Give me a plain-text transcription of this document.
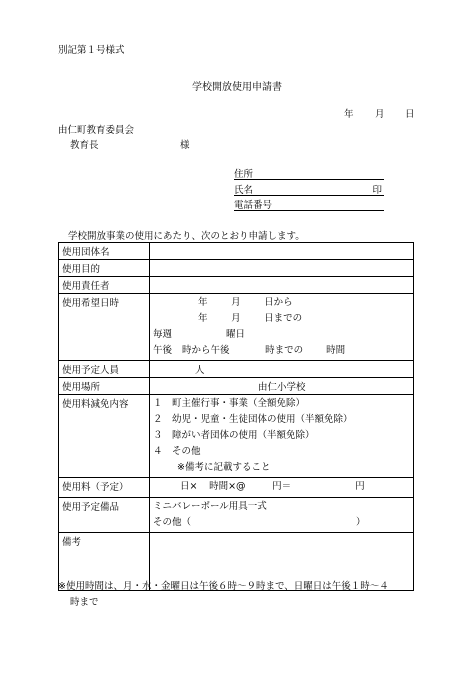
別記第１号様式
学校開放使用申請書
年 月 日
由仁町教育委員会
教育長	様
住所
氏名	印
電話番号
学校開放事業の使用にあたり、次のとおり申請します。
使用団体名	
使用目的	
使用責任者	
使用希望日時	年 月 日から
年 月 日までの
毎週 曜日
午後 時から午後 時までの 時間

使用予定人員	人
使用場所	由仁小学校
使用料減免内容	１　町主催行事・事業（全額免除）
２　幼児・児童・生徒団体の使用（半額免除）
３　障がい者団体の使用（半額免除）
４　その他
※備考に記載すること

使用料（予定）	日× 時間×@ 円＝ 円

使用予定備品	ミニバレーボール用具一式
その他（ ）

備考	
※使用時間は、月・水・金曜日は午後６時～９時まで、日曜日は午後１時～４
時まで
